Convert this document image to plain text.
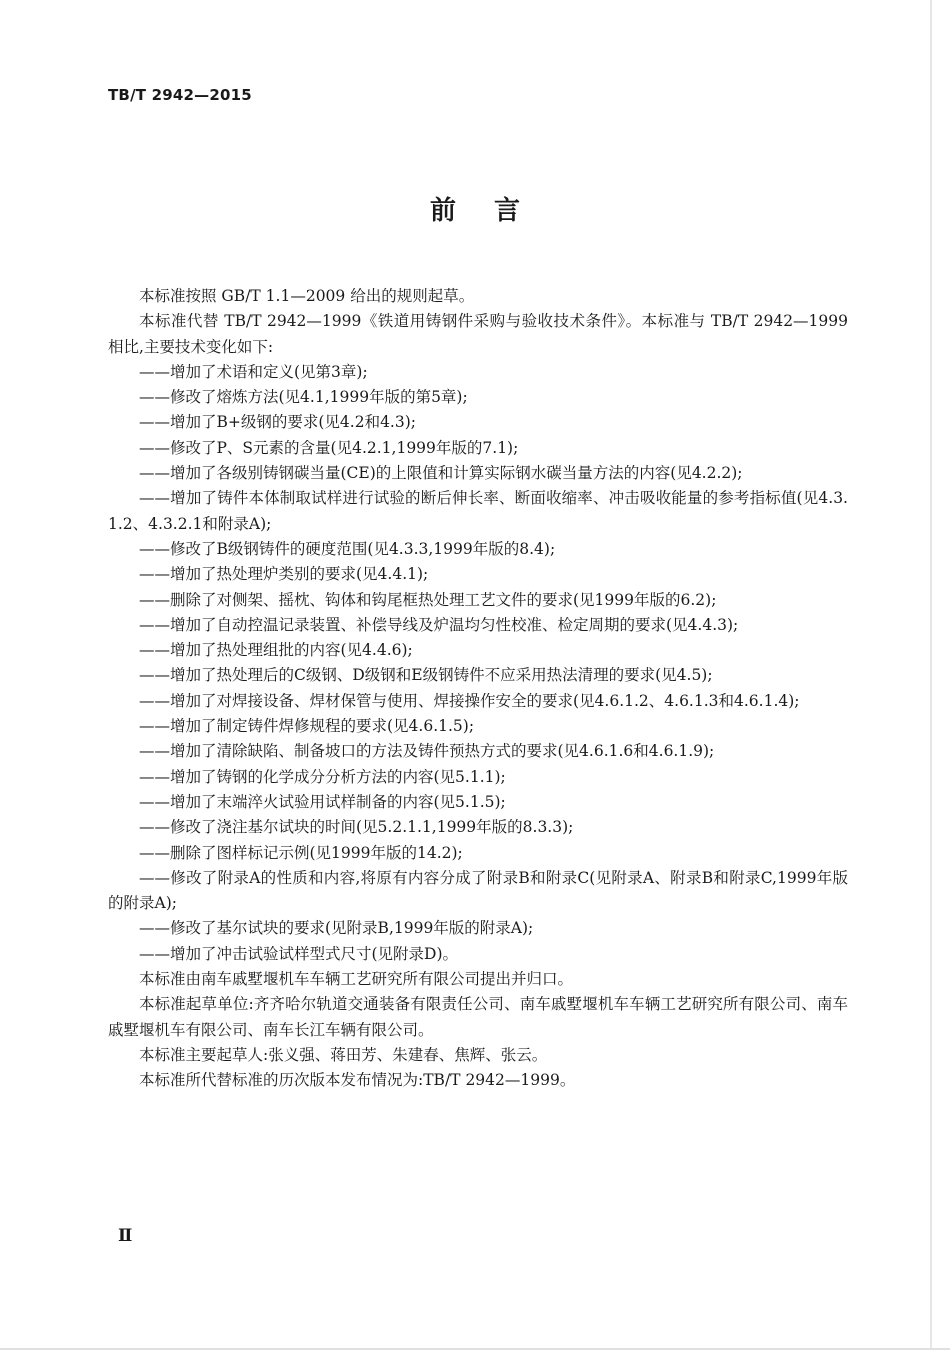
TB/T 2942—2015
前言

本标准按照 GB/T 1.1—2009 给出的规则起草。

本标准代替 TB/T 2942—1999《铁道用铸钢件采购与验收技术条件》。本标准与 TB/T 2942—1999 相比,主要技术变化如下:

——增加了术语和定义(见第3章);

——修改了熔炼方法(见4.1,1999年版的第5章);

——增加了B+级钢的要求(见4.2和4.3);

——修改了P、S元素的含量(见4.2.1,1999年版的7.1);

——增加了各级别铸钢碳当量(CE)的上限值和计算实际钢水碳当量方法的内容(见4.2.2);

——增加了铸件本体制取试样进行试验的断后伸长率、断面收缩率、冲击吸收能量的参考指标值(见4.3.1.2、4.3.2.1和附录A);

——修改了B级钢铸件的硬度范围(见4.3.3,1999年版的8.4);

——增加了热处理炉类别的要求(见4.4.1);

——删除了对侧架、摇枕、钩体和钩尾框热处理工艺文件的要求(见1999年版的6.2);

——增加了自动控温记录装置、补偿导线及炉温均匀性校准、检定周期的要求(见4.4.3);

——增加了热处理组批的内容(见4.4.6);

——增加了热处理后的C级钢、D级钢和E级钢铸件不应采用热法清理的要求(见4.5);

——增加了对焊接设备、焊材保管与使用、焊接操作安全的要求(见4.6.1.2、4.6.1.3和4.6.1.4);

——增加了制定铸件焊修规程的要求(见4.6.1.5);

——增加了清除缺陷、制备坡口的方法及铸件预热方式的要求(见4.6.1.6和4.6.1.9);

——增加了铸钢的化学成分分析方法的内容(见5.1.1);

——增加了末端淬火试验用试样制备的内容(见5.1.5);

——修改了浇注基尔试块的时间(见5.2.1.1,1999年版的8.3.3);

——删除了图样标记示例(见1999年版的14.2);

——修改了附录A的性质和内容,将原有内容分成了附录B和附录C(见附录A、附录B和附录C,1999年版的附录A);

——修改了基尔试块的要求(见附录B,1999年版的附录A);

——增加了冲击试验试样型式尺寸(见附录D)。

本标准由南车戚墅堰机车车辆工艺研究所有限公司提出并归口。

本标准起草单位:齐齐哈尔轨道交通装备有限责任公司、南车戚墅堰机车车辆工艺研究所有限公司、南车戚墅堰机车有限公司、南车长江车辆有限公司。

本标准主要起草人:张义强、蒋田芳、朱建春、焦辉、张云。

本标准所代替标准的历次版本发布情况为:TB/T 2942—1999。

Ⅱ
